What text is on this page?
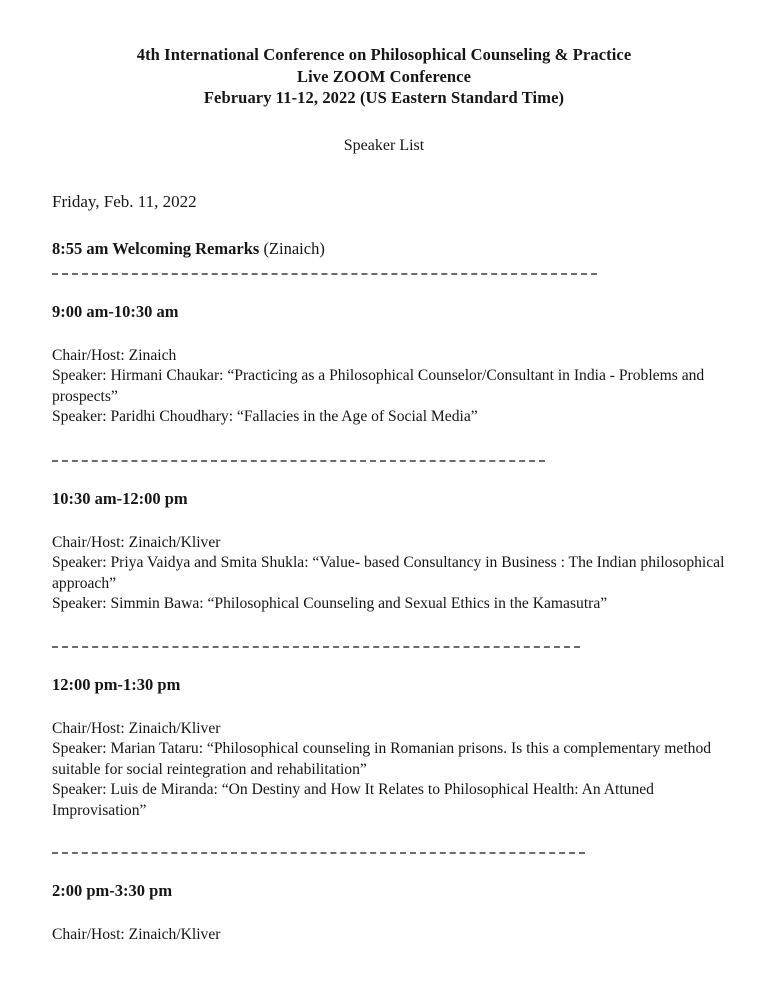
4th International Conference on Philosophical Counseling & Practice
Live ZOOM Conference
February 11-12, 2022 (US Eastern Standard Time)
Speaker List
Friday, Feb. 11, 2022
8:55 am Welcoming Remarks (Zinaich)
9:00 am-10:30 am
Chair/Host: Zinaich
Speaker: Hirmani Chaukar: “Practicing as a Philosophical Counselor/Consultant in India - Problems and prospects”
Speaker: Paridhi Choudhary: “Fallacies in the Age of Social Media”
10:30 am-12:00 pm
Chair/Host: Zinaich/Kliver
Speaker: Priya Vaidya and Smita Shukla: “Value- based Consultancy in Business : The Indian philosophical approach”
Speaker: Simmin Bawa: “Philosophical Counseling and Sexual Ethics in the Kamasutra”
12:00 pm-1:30 pm
Chair/Host: Zinaich/Kliver
Speaker: Marian Tataru: “Philosophical counseling in Romanian prisons. Is this a complementary method suitable for social reintegration and rehabilitation”
Speaker: Luis de Miranda: “On Destiny and How It Relates to Philosophical Health: An Attuned Improvisation”
2:00 pm-3:30 pm
Chair/Host: Zinaich/Kliver
